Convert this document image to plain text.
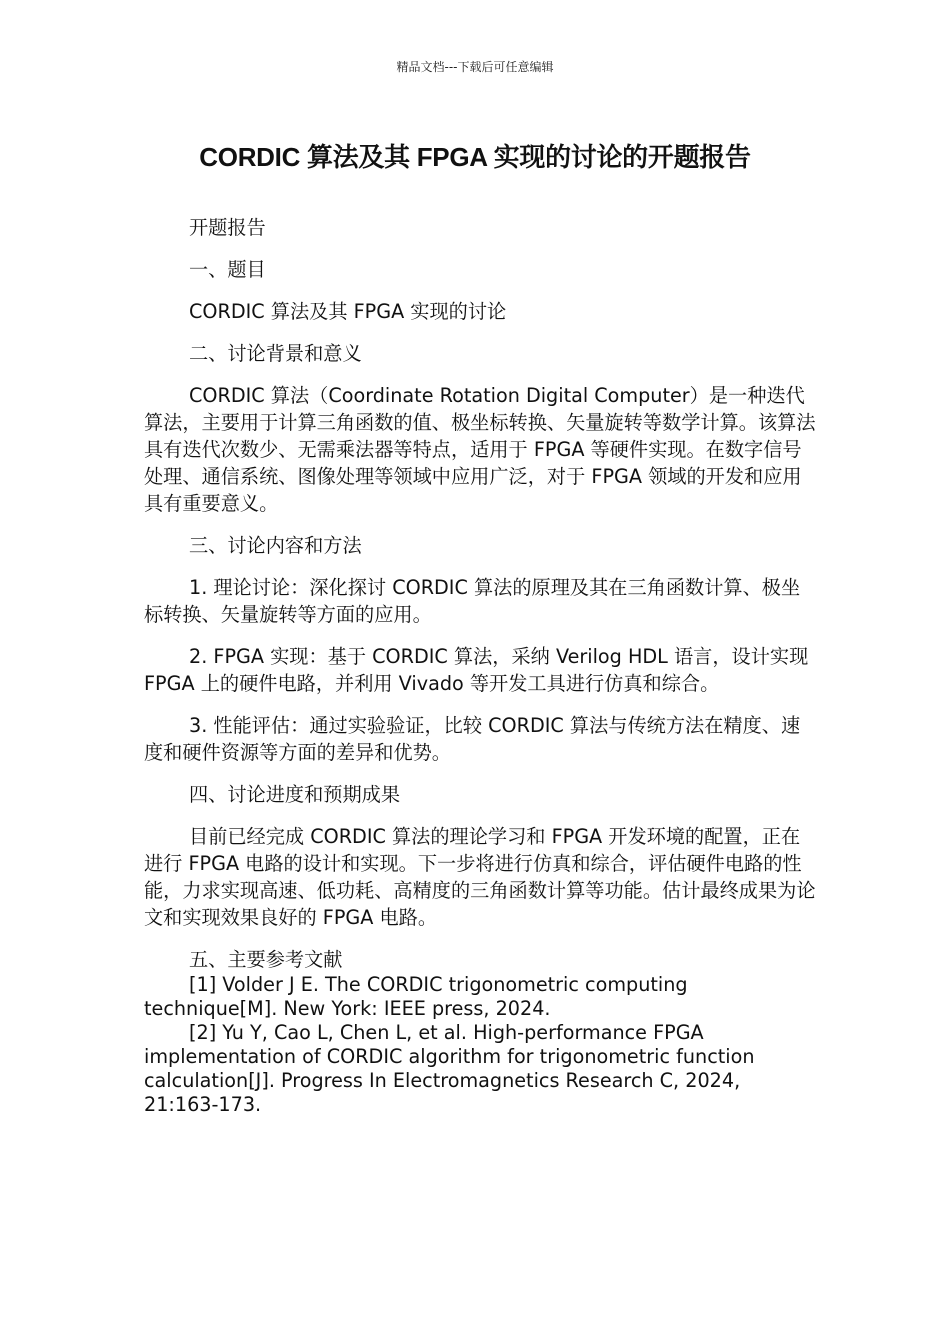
精品文档---下载后可任意编辑
CORDIC 算法及其 FPGA 实现的讨论的开题报告

开题报告

一、题目

CORDIC 算法及其 FPGA 实现的讨论

二、讨论背景和意义

CORDIC 算法（Coordinate Rotation Digital Computer）是一种迭代算法，主要用于计算三角函数的值、极坐标转换、矢量旋转等数学计算。该算法具有迭代次数少、无需乘法器等特点，适用于 FPGA 等硬件实现。在数字信号处理、通信系统、图像处理等领域中应用广泛，对于 FPGA 领域的开发和应用具有重要意义。

三、讨论内容和方法

1. 理论讨论：深化探讨 CORDIC 算法的原理及其在三角函数计算、极坐标转换、矢量旋转等方面的应用。

2. FPGA 实现：基于 CORDIC 算法，采纳 Verilog HDL 语言，设计实现 FPGA 上的硬件电路，并利用 Vivado 等开发工具进行仿真和综合。

3. 性能评估：通过实验验证，比较 CORDIC 算法与传统方法在精度、速度和硬件资源等方面的差异和优势。

四、讨论进度和预期成果

目前已经完成 CORDIC 算法的理论学习和 FPGA 开发环境的配置，正在进行 FPGA 电路的设计和实现。下一步将进行仿真和综合，评估硬件电路的性能，力求实现高速、低功耗、高精度的三角函数计算等功能。估计最终成果为论文和实现效果良好的 FPGA 电路。

五、主要参考文献

[1] Volder J E. The CORDIC trigonometric computing technique[M]. New York: IEEE press, 2024.

[2] Yu Y, Cao L, Chen L, et al. High-performance FPGA implementation of CORDIC algorithm for trigonometric function calculation[J]. Progress In Electromagnetics Research C, 2024, 21:163-173.
